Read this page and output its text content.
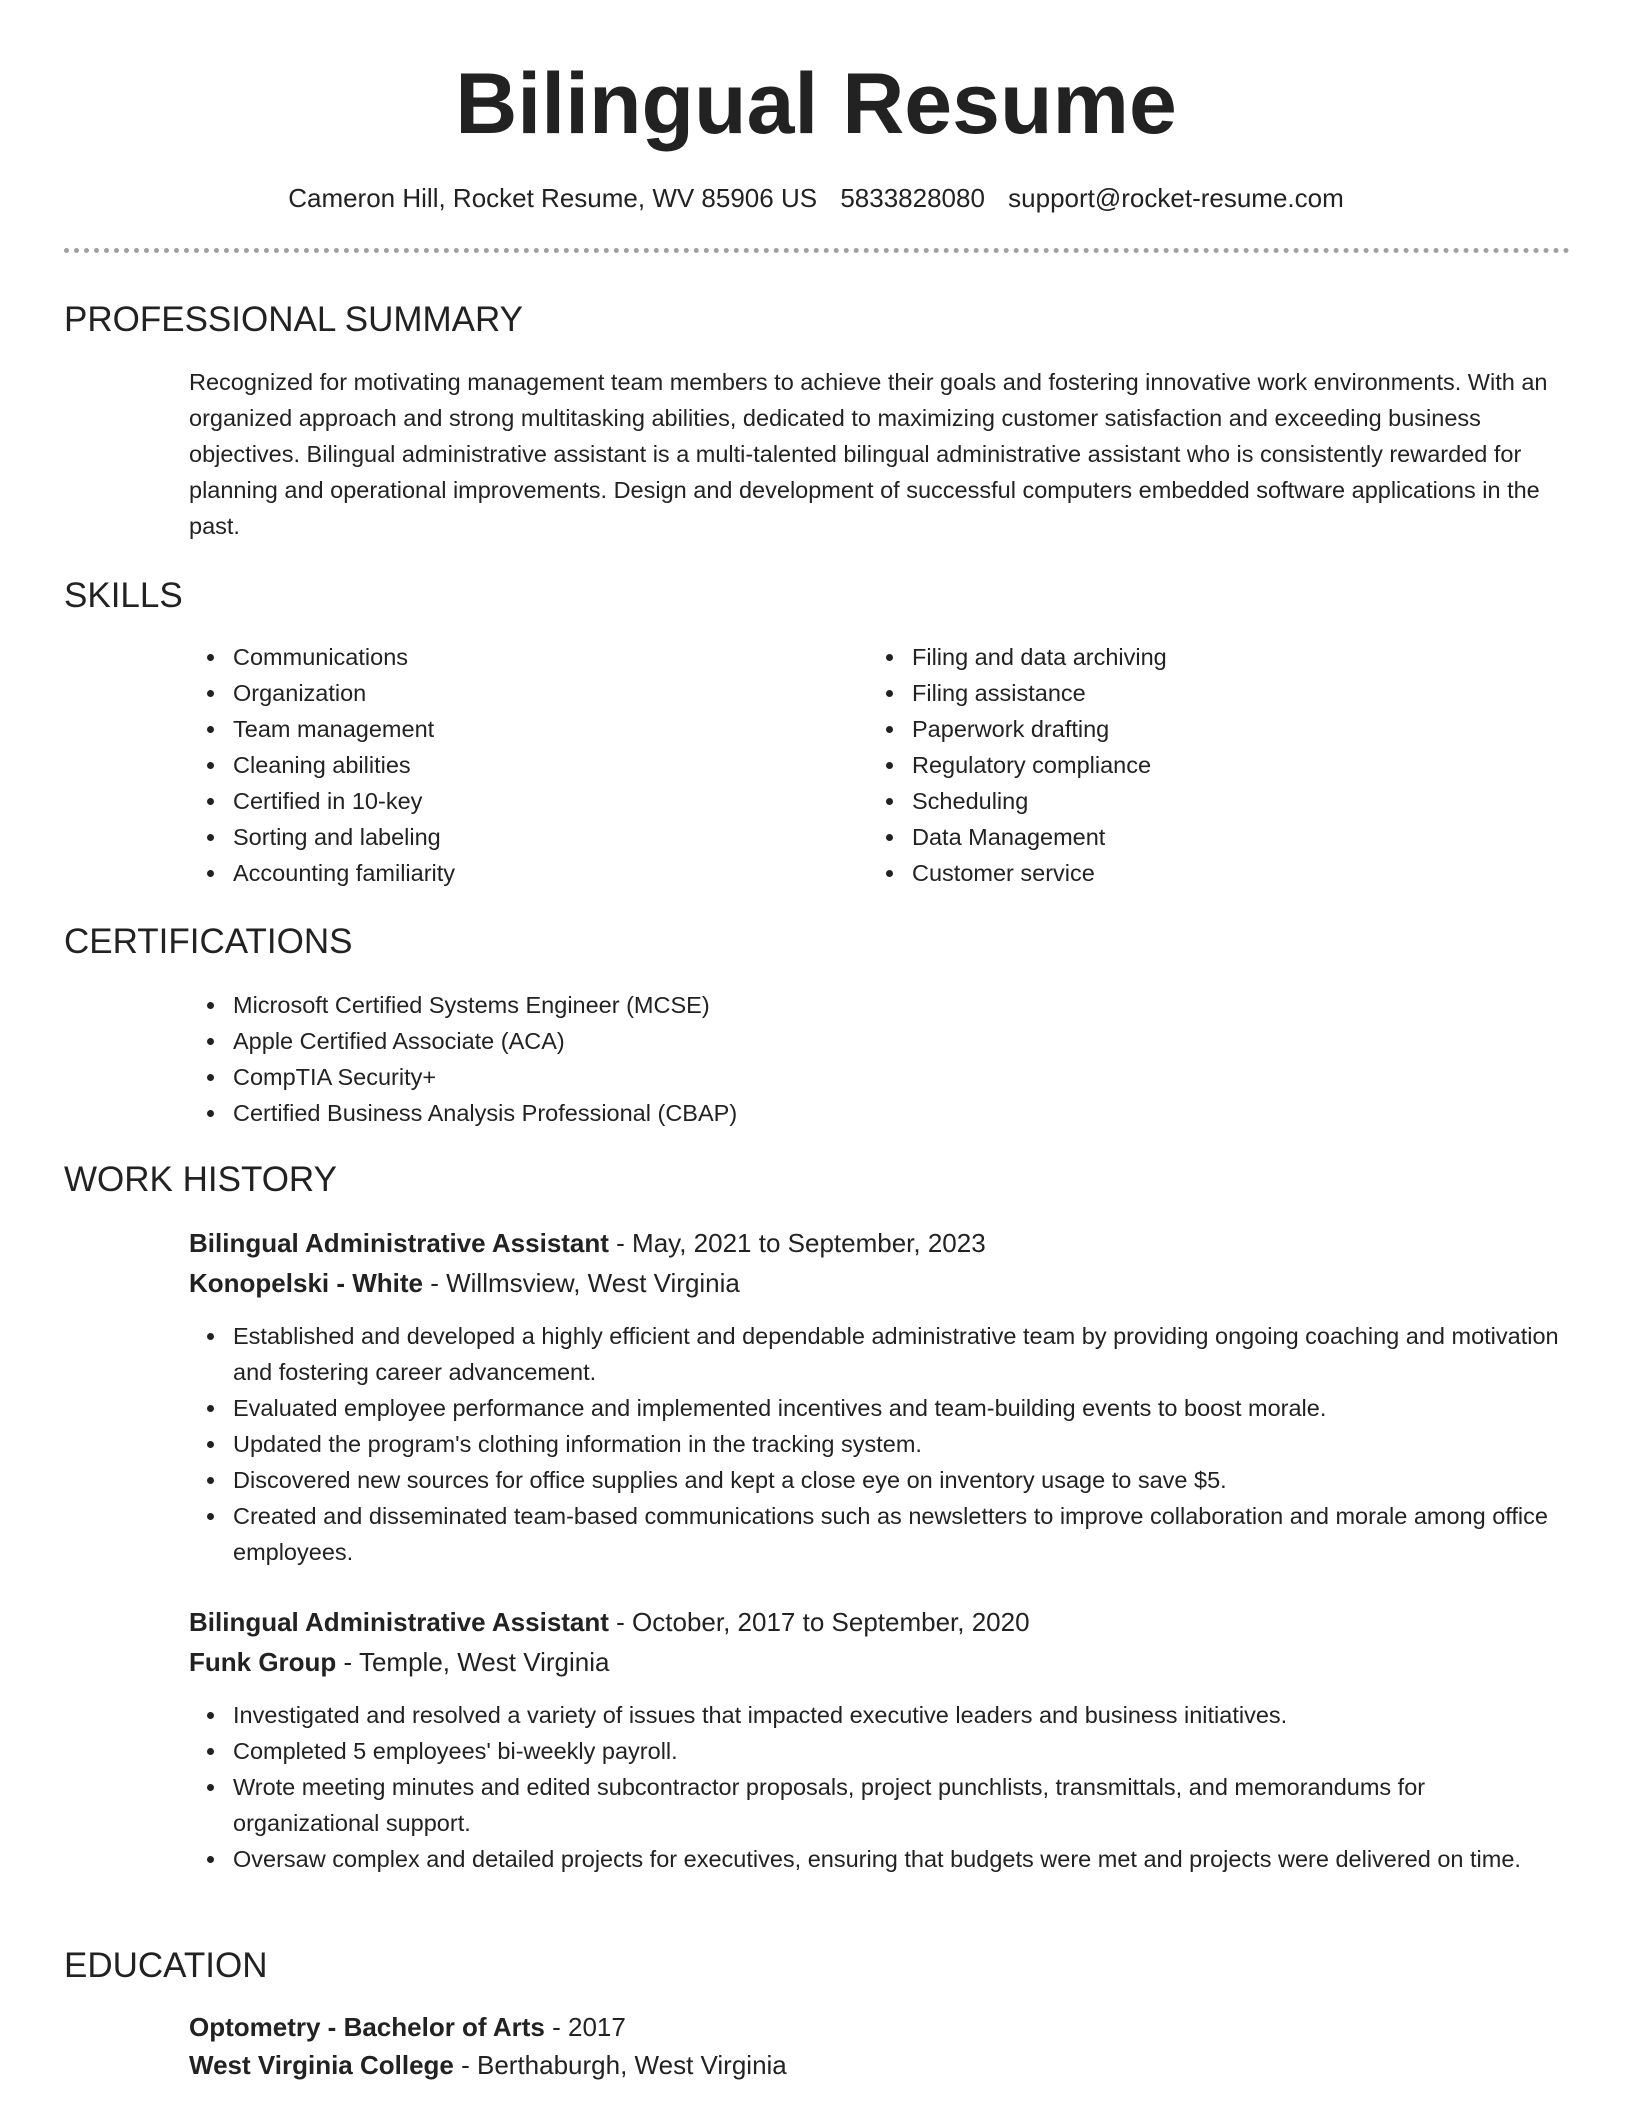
Bilingual Resume
Cameron Hill, Rocket Resume, WV 85906 US 5833828080 support@rocket-resume.com
PROFESSIONAL SUMMARY

Recognized for motivating management team members to achieve their goals and fostering innovative work environments. With an organized approach and strong multitasking abilities, dedicated to maximizing customer satisfaction and exceeding business objectives. Bilingual administrative assistant is a multi-talented bilingual administrative assistant who is consistently rewarded for planning and operational improvements. Design and development of successful computers embedded software applications in the past.

SKILLS
Communications
Organization
Team management
Cleaning abilities
Certified in 10-key
Sorting and labeling
Accounting familiarity
Filing and data archiving
Filing assistance
Paperwork drafting
Regulatory compliance
Scheduling
Data Management
Customer service
CERTIFICATIONS
Microsoft Certified Systems Engineer (MCSE)
Apple Certified Associate (ACA)
CompTIA Security+
Certified Business Analysis Professional (CBAP)
WORK HISTORY
Bilingual Administrative Assistant - May, 2021 to September, 2023
Konopelski - White - Willmsview, West Virginia
Established and developed a highly efficient and dependable administrative team by providing ongoing coaching and motivation and fostering career advancement.
Evaluated employee performance and implemented incentives and team-building events to boost morale.
Updated the program's clothing information in the tracking system.
Discovered new sources for office supplies and kept a close eye on inventory usage to save $5.
Created and disseminated team-based communications such as newsletters to improve collaboration and morale among office employees.
Bilingual Administrative Assistant - October, 2017 to September, 2020
Funk Group - Temple, West Virginia
Investigated and resolved a variety of issues that impacted executive leaders and business initiatives.
Completed 5 employees' bi-weekly payroll.
Wrote meeting minutes and edited subcontractor proposals, project punchlists, transmittals, and memorandums for organizational support.
Oversaw complex and detailed projects for executives, ensuring that budgets were met and projects were delivered on time.
EDUCATION
Optometry - Bachelor of Arts - 2017
West Virginia College - Berthaburgh, West Virginia
